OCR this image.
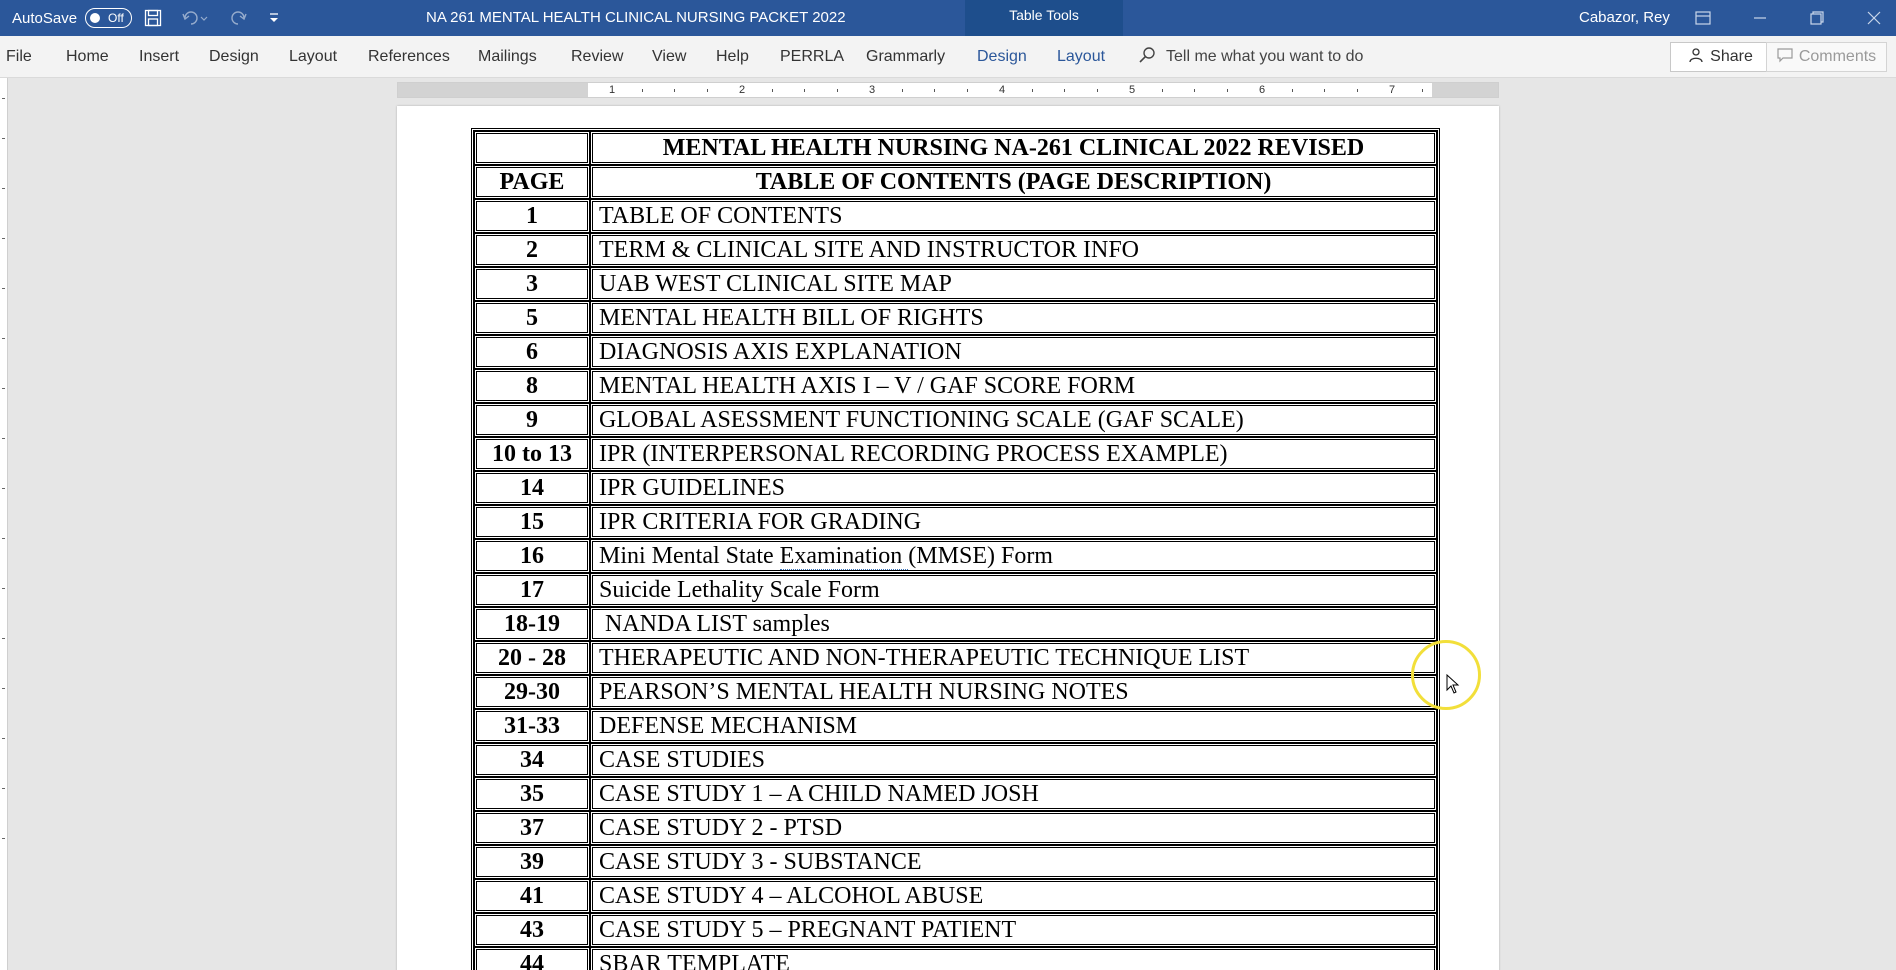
AutoSave	Off	NA 261 MENTAL HEALTH CLINICAL NURSING PACKET 2022	Table Tools	Cabazor, Rey
File Home Insert Design Layout References Mailings Review View Help PERRLA Grammarly Design Layout	Tell me what you want to do	Share	Comments
1	2	3	4	5	6	7
	MENTAL HEALTH NURSING NA-261 CLINICAL 2022 REVISED
PAGE	TABLE OF CONTENTS (PAGE DESCRIPTION)
1	TABLE OF CONTENTS
2	TERM & CLINICAL SITE AND INSTRUCTOR INFO
3	UAB WEST CLINICAL SITE MAP
5	MENTAL HEALTH BILL OF RIGHTS
6	DIAGNOSIS AXIS EXPLANATION
8	MENTAL HEALTH AXIS I – V / GAF SCORE FORM
9	GLOBAL ASESSMENT FUNCTIONING SCALE (GAF SCALE)
10 to 13	IPR (INTERPERSONAL RECORDING PROCESS EXAMPLE)
14	IPR GUIDELINES
15	IPR CRITERIA FOR GRADING
16	Mini Mental State Examination (MMSE) Form
17	Suicide Lethality Scale Form
18-19	NANDA LIST samples
20 - 28	THERAPEUTIC AND NON-THERAPEUTIC TECHNIQUE LIST
29-30	PEARSON’S MENTAL HEALTH NURSING NOTES
31-33	DEFENSE MECHANISM
34	CASE STUDIES
35	CASE STUDY 1 – A CHILD NAMED JOSH
37	CASE STUDY 2 - PTSD
39	CASE STUDY 3 - SUBSTANCE
41	CASE STUDY 4 – ALCOHOL ABUSE
43	CASE STUDY 5 – PREGNANT PATIENT
44	SBAR TEMPLATE
